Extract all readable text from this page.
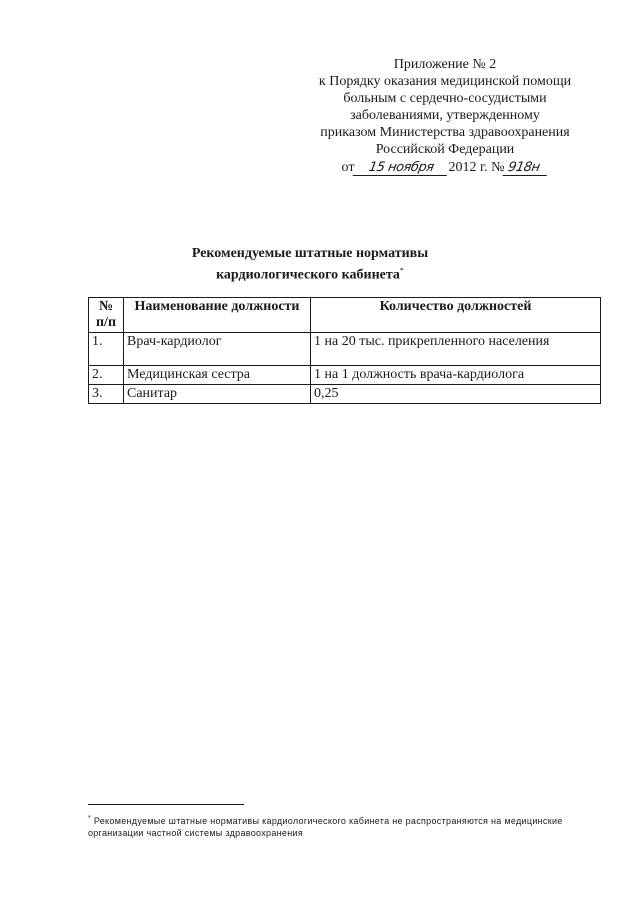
Приложение № 2
к Порядку оказания медицинской помощи
больным с сердечно-сосудистыми
заболеваниями, утвержденному
приказом Министерства здравоохранения
Российской Федерации
от 15 ноября 2012 г. № 918н
Рекомендуемые штатные нормативы
кардиологического кабинета*
№ п/п	Наименование должности	Количество должностей
1.	Врач-кардиолог	1 на 20 тыс. прикрепленного населения
2.	Медицинская сестра	1 на 1 должность врача-кардиолога
3.	Санитар	0,25
* Рекомендуемые штатные нормативы кардиологического кабинета не распространяются на медицинские организации частной системы здравоохранения
